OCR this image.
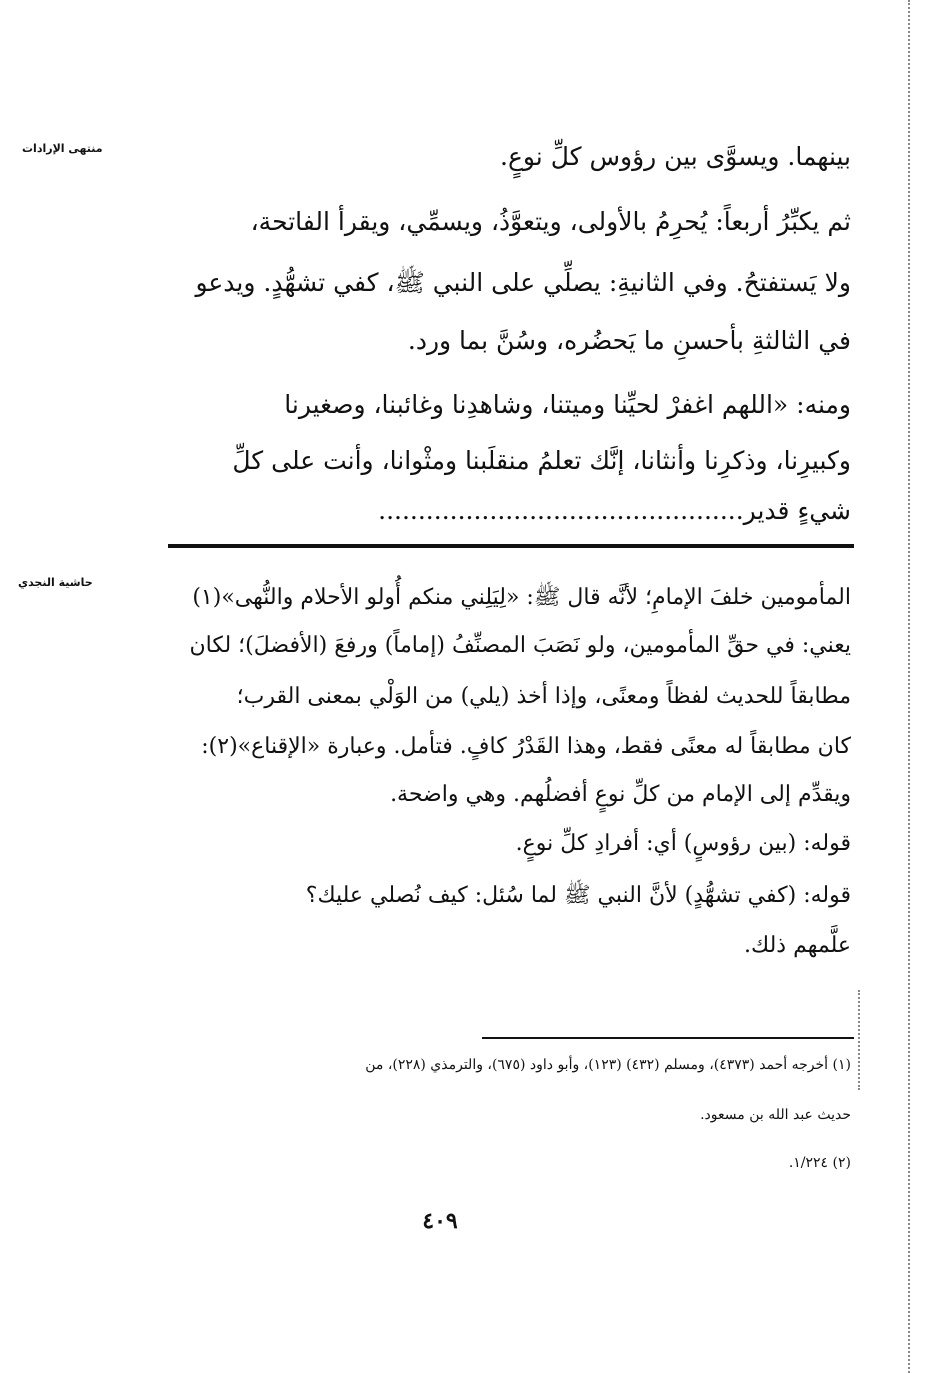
منتهى الإرادات
حاشية النجدي
بينهما. ويسوَّى بين رؤوس كلِّ نوعٍ.
ثم يكبِّرُ أربعاً: يُحرِمُ بالأولى، ويتعوَّذُ، ويسمِّي، ويقرأ الفاتحة،
ولا يَستفتحُ. وفي الثانيةِ: يصلِّي على النبي ﷺ، كفي تشهُّدٍ. ويدعو
في الثالثةِ بأحسنِ ما يَحضُره، وسُنَّ بما ورد.
ومنه: «اللهم اغفرْ لحيِّنا وميتنا، وشاهدِنا وغائبنا، وصغيرنا
وكبيرِنا، وذكرِنا وأنثانا، إنَّك تعلمُ منقلَبنا ومثْوانا، وأنت على كلِّ
شيءٍ قدير..............................................
المأمومين خلفَ الإمامِ؛ لأنَّه قال ﷺ: «لِيَلِني منكم أُولو الأحلام والنُّهى»(١)
يعني: في حقِّ المأمومين، ولو نَصَبَ المصنِّفُ (إماماً) ورفعَ (الأفضلَ)؛ لكان
مطابقاً للحديث لفظاً ومعنًى، وإذا أخذ (يلي) من الوَلْي بمعنى القرب؛
كان مطابقاً له معنًى فقط، وهذا القَدْرُ كافٍ. فتأمل. وعبارة «الإقناع»(٢):
ويقدِّم إلى الإمام من كلِّ نوعٍ أفضلُهم. وهي واضحة.
قوله: (بين رؤوسٍ) أي: أفرادِ كلِّ نوعٍ.
قوله: (كفي تشهُّدٍ) لأنَّ النبي ﷺ لما سُئل: كيف نُصلي عليك؟
علَّمهم ذلك.
(١) أخرجه أحمد (٤٣٧٣)، ومسلم (٤٣٢) (١٢٣)، وأبو داود (٦٧٥)، والترمذي (٢٢٨)، من
حديث عبد الله بن مسعود.
(٢) ١/٢٢٤.
٤٠٩
